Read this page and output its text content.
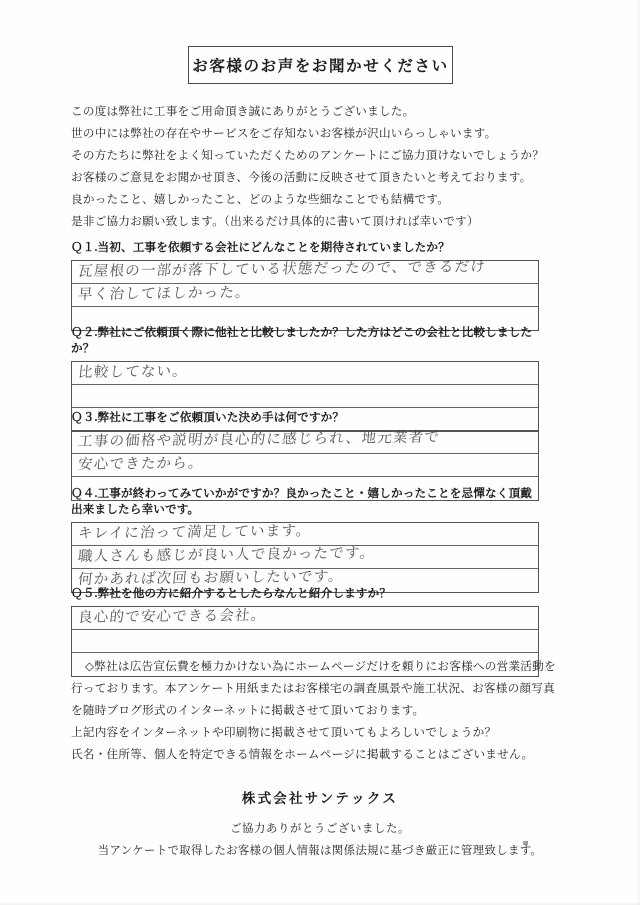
お客様のお声をお聞かせください

この度は弊社に工事をご用命頂き誠にありがとうございました。

世の中には弊社の存在やサービスをご存知ないお客様が沢山いらっしゃいます。

その方たちに弊社をよく知っていただくためのアンケートにご協力頂けないでしょうか？

お客様のご意見をお聞かせ頂き、今後の活動に反映させて頂きたいと考えております。

良かったこと、嬉しかったこと、どのような些細なことでも結構です。

是非ご協力お願い致します。（出来るだけ具体的に書いて頂ければ幸いです）

Ｑ１.当初、工事を依頼する会社にどんなことを期待されていましたか？
瓦屋根の一部が落下している状態だったので、できるだけ
早く治してほしかった。
Ｑ２.弊社にご依頼頂く際に他社と比較しましたか？した方はどこの会社と比較しましたか？
比較してない。
Ｑ３.弊社に工事をご依頼頂いた決め手は何ですか？
工事の価格や説明が良心的に感じられ、地元業者で
安心できたから。
Ｑ４.工事が終わってみていかがですか？良かったこと・嬉しかったことを忌憚なく頂戴出来ましたら幸いです。
キレイに治って満足しています。
職人さんも感じが良い人で良かったです。
何かあれば次回もお願いしたいです。
Ｑ５.弊社を他の方に紹介するとしたらなんと紹介しますか？
良心的で安心できる会社。

◇弊社は広告宣伝費を極力かけない為にホームページだけを頼りにお客様への営業活動を

行っております。本アンケート用紙またはお客様宅の調査風景や施工状況、お客様の顔写真

を随時ブログ形式のインターネットに掲載させて頂いております。

上記内容をインターネットや印刷物に掲載させて頂いてもよろしいでしょうか？

氏名・住所等、個人を特定できる情報をホームページに掲載することはございません。

株式会社サンテックス
ご協力ありがとうございました。
当アンケートで取得したお客様の個人情報は関係法規に基づき厳正に管理致します。
